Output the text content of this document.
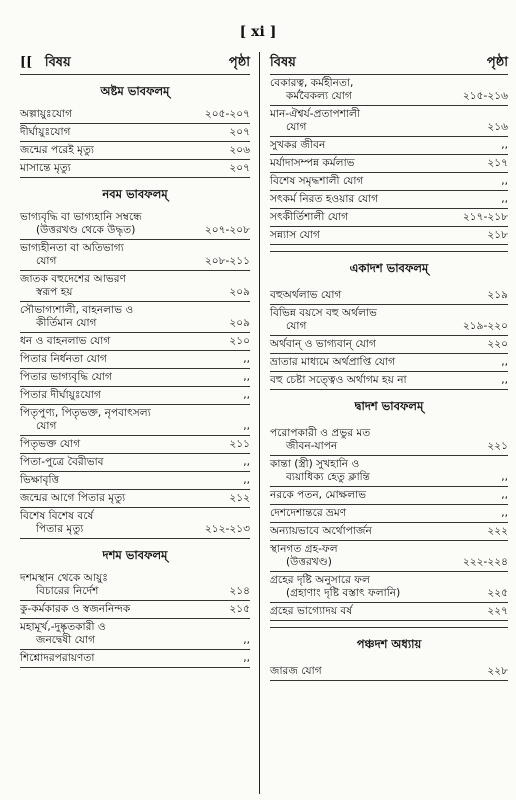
[ xi ]
[[ বিষয়	পৃষ্ঠা
অষ্টম ভাবফলম্
অল্পায়ুঃযোগ	২০৫-২০৭
দীর্ঘায়ুঃযোগ	২০৭
জন্মের পরেই মৃত্যু	২০৬
মাসান্তে মৃত্যু	২০৭
নবম ভাবফলম্
ভাগ্যবৃদ্ধি বা ভাগ্যহানি সম্বন্ধে
(উত্তরখণ্ড থেকে উদ্ধৃত)	২০৭-২০৮
ভাগ্যহীনতা বা অতিভাগ্য
যোগ	২০৮-২১১
জাতক বহুদেশের আভরণ
স্বরূপ হয়	২০৯
সৌভাগ্যশালী, বাহনলাভ ও
কীর্তিমান যোগ	২০৯
ধন ও বাহনলাভ যোগ	২১০
পিতার নির্ধনতা যোগ	,,
পিতার ভাগ্যবৃদ্ধি যোগ	,,
পিতার দীর্ঘায়ুঃযোগ	,,
পিতৃপুণ্য, পিতৃভক্ত, নৃপবাৎসল্য
যোগ	,,
পিতৃভক্ত যোগ	২১১
পিতা-পুত্রে বৈরীভাব	,,
ভিক্ষাবৃত্তি	,,
জন্মের আগে পিতার মৃত্যু	২১২
বিশেষ বিশেষ বর্ষে
পিতার মৃত্যু	২১২-২১৩
দশম ভাবফলম্
দশমস্থান থেকে আয়ুঃ
বিচারের নির্দেশ	২১৪
কু-কর্মকারক ও স্বজননিন্দক	২১৫
মহামূর্খ,-দুষ্কৃতকারী ও
জনদ্বেষী যোগ	,,
শিশ্নোদরপরায়ণতা	,,
বিষয়	পৃষ্ঠা
বেকারত্ব, কর্মহীনতা,
কর্মবৈকল্য যোগ	২১৫-২১৬
মান-ঐশ্বর্য-প্রতাপশালী
যোগ	২১৬
সুখকর জীবন	,,
মর্যাদাসম্পন্ন কর্মলাভ	২১৭
বিশেষ সমৃদ্ধশালী যোগ	,,
সৎকর্ম নিরত হওয়ার যোগ	,,
সৎকীর্তিশালী যোগ	২১৭-২১৮
সন্ন্যাস যোগ	২১৮
একাদশ ভাবফলম্
বহুঅর্থলাভ যোগ	২১৯
বিভিন্ন বয়সে বহু অর্থলাভ
যোগ	২১৯-২২০
অর্থবান্ ও ভাগ্যবান্ যোগ	২২০
ভ্রাতার মাধ্যমে অর্থপ্রাপ্তি যোগ	,,
বহু চেষ্টা সত্ত্বেও অর্থাগম হয় না	,,
দ্বাদশ ভাবফলম্
পরোপকারী ও প্রভুর মত
জীবন-যাপন	২২১
কান্তা (স্ত্রী) সুখহানি ও
ব্যয়াধিক্য হেতু ক্লান্তি	,,
নরকে পতন, মোক্ষলাভ	,,
দেশদেশান্তরে ভ্রমণ	,,
অন্যায়ভাবে অর্থোপার্জন	২২২
স্থানগত গ্রহ-ফল
(উত্তরখণ্ড)	২২২-২২৪
গ্রহের দৃষ্টি অনুসারে ফল
(গ্রহাণাং দৃষ্টি বস্তাৎ ফলানি)	২২৫
গ্রহের ভাগ্যোদয় বর্ষ	২২৭
পঞ্চদশ অধ্যায়
জারজ যোগ	২২৮
